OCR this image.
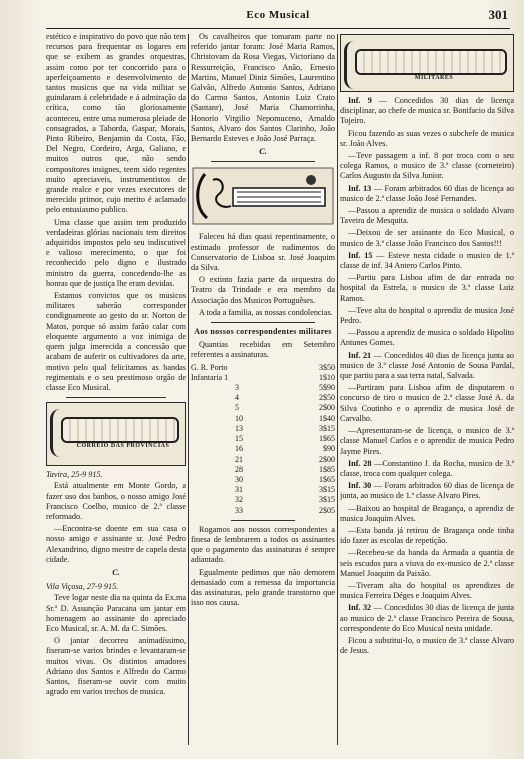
Eco Musical	301

estético e inspirativo do povo que não tem recursos para frequentar os logares em que se exibem as grandes orquestras, assim como por ter concorrido para o aperfeiçoamento e desenvolvimento de tantos musicos que na vida militar se guindaram á celebridade e á admiração da crítica, como tão gloriosamente aconteceu, entre uma numerosa pleiade de consagrados, a Taborda, Gaspar, Morais, Pinto Ribeiro, Benjamin da Costa, Fão, Del Negro, Cordeiro, Arga, Galiano, e muitos outros que, não sendo compositores insignes, teem sido regentes muito apreciaveis, instrumentistos de grande realce e por vezes executores de merecido primor, cujo merito é aclamado pelo entusiasmo publico.

Uma classe que assim tem produzido verdadeiras glórias nacionais tem direitos adquiridos impostos pelo seu indiscutivel e valioso merecimento, o que foi reconhecido pelo digno e ilustrado ministro da guerra, concedendo-lhe as honras que de justiça lhe eram devidas.

Estamos convictos que os musicos militares saberão corresponder condignamente ao gesto do sr. Norton de Matos, porque só assim farão calar com eloquente argumento a voz inimiga de quem julga imerecida a concessão que acabam de auferir os cultivadores da arte, motivo pelo qual felicitamos as bandas regimentais e o seu prestimoso orgão de classe Eco Musical.

CORREIO DAS PROVINCIAS
Tavira, 25-9 915.

Está atualmente em Monte Gordo, a fazer uso dos banhos, o nosso amigo José Francisco Coelho, musico de 2.ª classe reformado.

—Encontra-se doente em sua casa o nosso amigo e assinante sr. José Pedro Alexandrino, digno mestre de capela desta cidade.

C.
Vila Viçosa, 27-9 915.

Teve logar neste dia na quinta da Ex.ma Sr.ª D. Assunção Paracana um jantar em homenagem ao assinante do apreciado Eco Musical, sr. A. M. da C. Simões.

O jantar decorreu animadíssimo, fiseram-se varios brindes e levantaram-se muitos vivas. Os distintos amadores Adriano dos Santos e Alfredo do Carmo Santos, fiseram-se ouvir com muito agrado em varios trechos de musica.

Os cavalheiros que tomaram parte no referido jantar foram: José Maria Ramos, Christovam da Rosa Viegas, Victoriano da Ressurreição, Francisco Anão, Ernesto Martins, Manuel Diniz Simões, Laurentino Galvão, Alfredo Antonio Santos, Adriano do Carmo Santos, Antonio Luiz Crato (Santanr), José Maria Chamorrinha, Honorio Virgilio Nepomuceno, Arnaldo Santos, Alvaro dos Santos Clarinho, João Bernardo Esteves e João José Parraça.

C.

Faleceu há dias quasi repentinamente, o estimado professor de rudimentos do Conservatorio de Lisboa sr. José Joaquim da Silva.

O extinto fazia parte da orquestra do Teatro da Trindade e era membro da Associação dos Musicos Portuguêses.

A toda a familia, as nossas condolencias.

Aos nossos correspondentes militares

Quantias recebidas em Setembro referentes a assinaturas.

G. R. Porto		3$50
Infantaria 1		1$10
3		5$90
4		2$50
5		2$00
10		1$40
13		3$15
15		1$65
16		$90
21		2$00
28		1$85
30		1$65
31		3$15
32		3$15
33		2$05

Rogamos aos nossos correspondentes a finesa de lembrarem a todos os assinantes que o pagamento das assinaturas é sempre adiantado.

Egualmente pedimos que não demorem demasiado com a remessa da importancia das assinaturas, pelo grande transtorno que isso nos causa.

MILITARES

Inf. 9 — Concedidos 30 dias de licença disciplinar, ao chefe de musica sr. Bonifacio da Silva Tojeiro.

Ficou fazendo as suas vezes o subchefe de musica sr. João Alves.

—Teve passagem a inf. 8 por troca com o seu colega Ramos, o musico de 3.ª classe (corneteiro) Carlos Augusto da Silva Junior.

Inf. 13 — Foram arbitrados 60 dias de licença ao musico de 2.ª classe João José Fernandes.

—Passou a aprendiz de musica o soldado Alvaro Taveira de Mesquita.

—Deixou de ser assinante do Eco Musical, o musico de 3.ª classe João Francisco dos Santos!!!

Inf. 15 — Esteve nesta cidade o musico de 1.ª classe de inf. 34 Antero Carlos Pinto.

—Partiu para Lisboa afim de dar entrada no hospital da Estrela, o musico de 3.ª classe Luiz Ramos.

—Teve alta do hospital o aprendiz de musica José Pedro.

—Passou a aprendiz de musica o soldado Hipolito Antunes Gomes.

Inf. 21 — Concedidos 40 dias de licença junta ao musico de 3.ª classe José Antonio de Sousa Pardal, que partiu para a sua terra natal, Salvada.

—Partiram para Lisboa afim de disputarem o concurso de tiro o musico de 2.ª classe José A. da Silva Coutinho e o aprendiz de musica José de Carvalho.

—Apresentaram-se de licença, o musico de 3.ª classe Manuel Carlos e o aprendiz de musica Pedro Jayme Pires.

Inf. 28 —Constantino J. da Rocha, musico de 3.ª classe, troca com qualquer colega.

Inf. 30 — Foram arbitrados 60 dias de licença de junta, ao musico de 1.ª classe Alvaro Pires.

—Baixou ao hospital de Bragança, o aprendiz de musica Joaquim Alves.

—Esta banda já retirou de Bragança onde tinha ido fazer as escolas de repetição.

—Recebeu-se da banda da Armada a quantia de seis escudos para a viuva do ex-musico de 2.ª classe Manuel Joaquim da Paixão.

—Tiveram alta do hospital os aprendizes de musica Ferreira Déges e Joaquim Alves.

Inf. 32 — Concedidos 30 dias de licença de junta ao musico de 2.ª classe Francisco Pereira de Sousa, correspondente do Eco Musical nesta unidade.

Ficou a substitui-lo, o musico de 3.ª classe Alvaro de Jesus.
